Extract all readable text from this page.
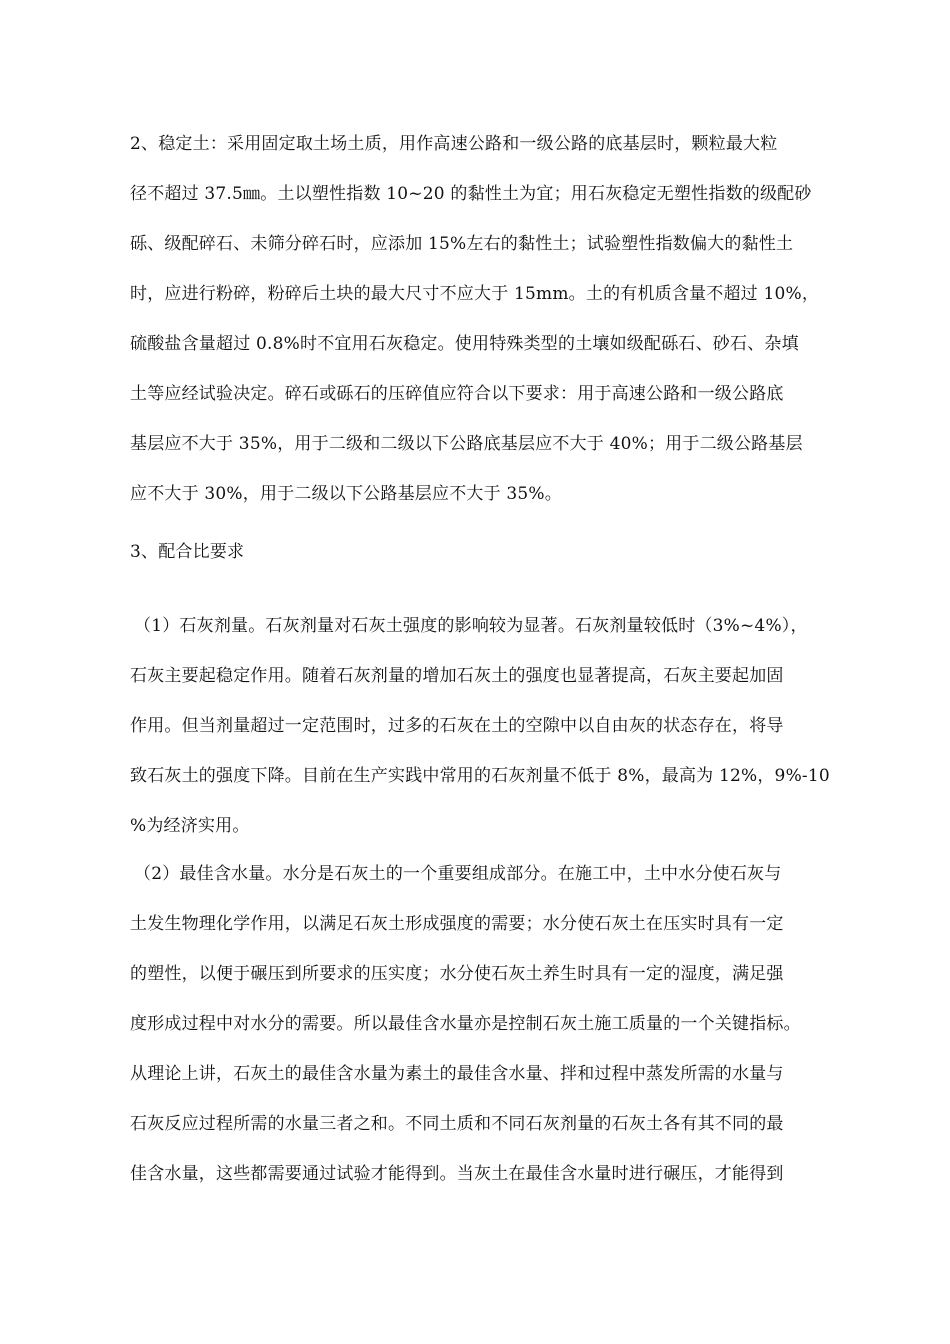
2、稳定土：采用固定取土场土质，用作高速公路和一级公路的底基层时，颗粒最大粒
径不超过 37.5㎜。土以塑性指数 10~20 的黏性土为宜；用石灰稳定无塑性指数的级配砂
砾、级配碎石、未筛分碎石时，应添加 15%左右的黏性土；试验塑性指数偏大的黏性土
时，应进行粉碎，粉碎后土块的最大尺寸不应大于 15mm。土的有机质含量不超过 10%，
硫酸盐含量超过 0.8%时不宜用石灰稳定。使用特殊类型的土壤如级配砾石、砂石、杂填
土等应经试验决定。碎石或砾石的压碎值应符合以下要求：用于高速公路和一级公路底
基层应不大于 35%，用于二级和二级以下公路底基层应不大于 40%；用于二级公路基层
应不大于 30%，用于二级以下公路基层应不大于 35%。
3、配合比要求
（1）石灰剂量。石灰剂量对石灰土强度的影响较为显著。石灰剂量较低时（3%~4%），
石灰主要起稳定作用。随着石灰剂量的增加石灰土的强度也显著提高，石灰主要起加固
作用。但当剂量超过一定范围时，过多的石灰在土的空隙中以自由灰的状态存在，将导
致石灰土的强度下降。目前在生产实践中常用的石灰剂量不低于 8%，最高为 12%，9%-10
%为经济实用。
（2）最佳含水量。水分是石灰土的一个重要组成部分。在施工中，土中水分使石灰与
土发生物理化学作用，以满足石灰土形成强度的需要；水分使石灰土在压实时具有一定
的塑性，以便于碾压到所要求的压实度；水分使石灰土养生时具有一定的湿度，满足强
度形成过程中对水分的需要。所以最佳含水量亦是控制石灰土施工质量的一个关键指标。
从理论上讲，石灰土的最佳含水量为素土的最佳含水量、拌和过程中蒸发所需的水量与
石灰反应过程所需的水量三者之和。不同土质和不同石灰剂量的石灰土各有其不同的最
佳含水量，这些都需要通过试验才能得到。当灰土在最佳含水量时进行碾压，才能得到
